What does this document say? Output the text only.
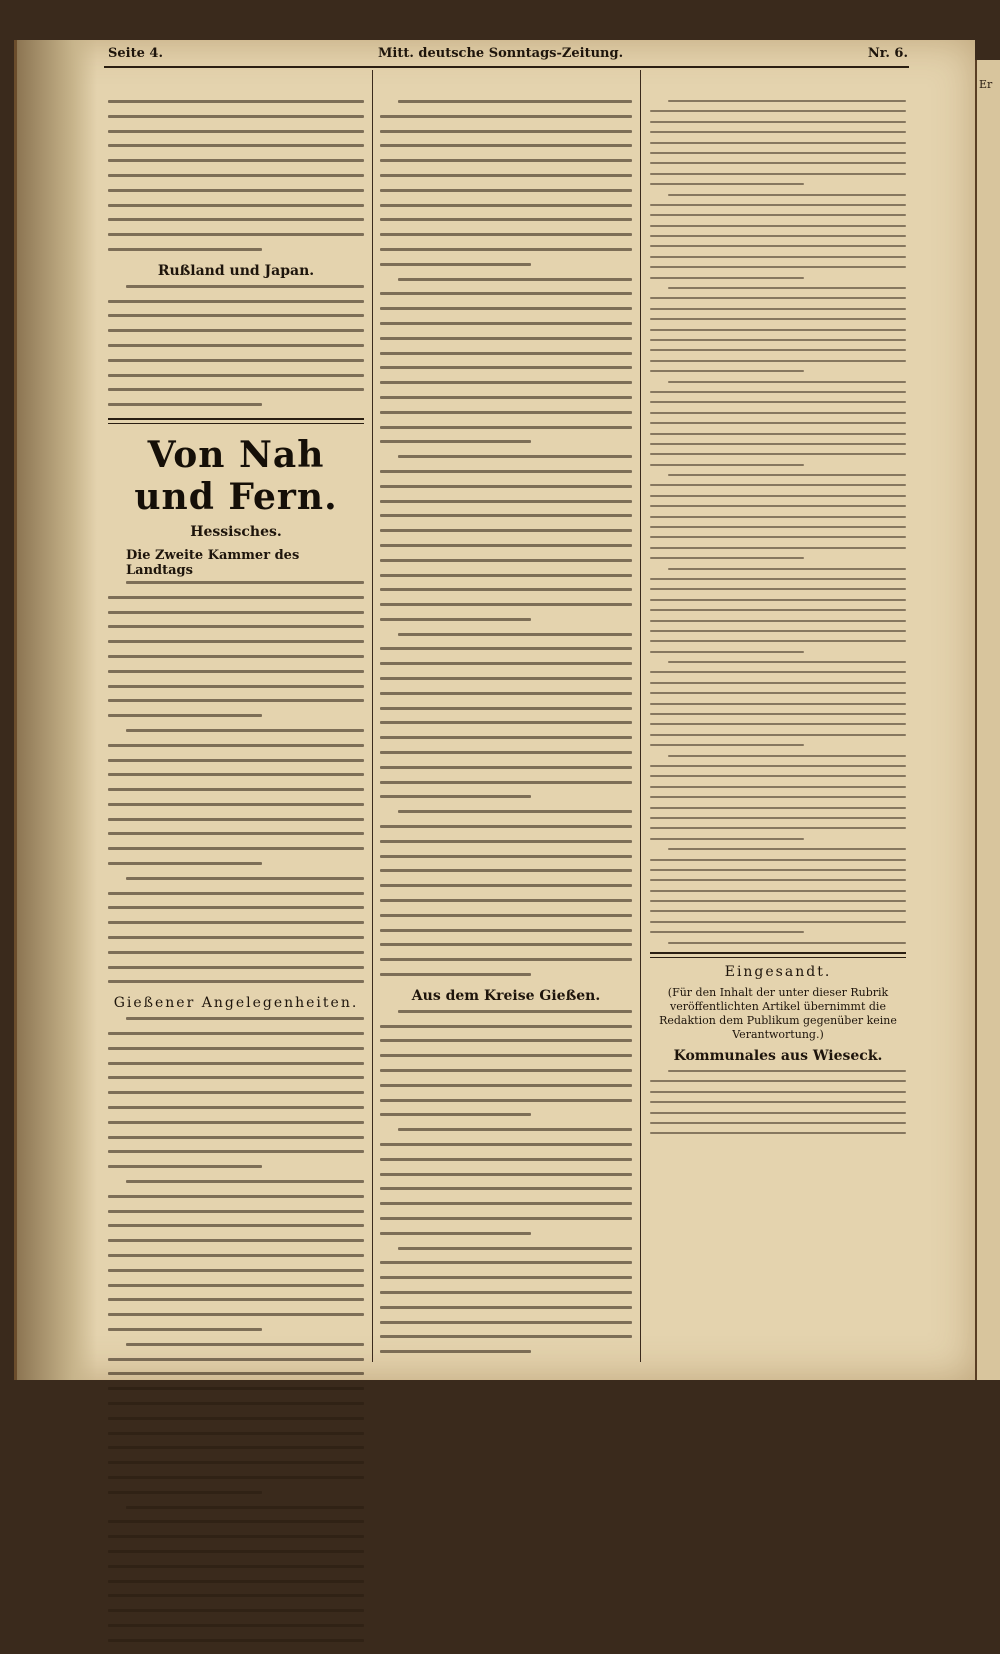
Er
Seite 4.	Mitt. deutsche Sonntags-Zeitung.	Nr. 6.
Rußland und Japan.
Von Nah und Fern.
Hessisches.
Die Zweite Kammer des Landtags
Gießener Angelegenheiten.	Aus dem Kreise Gießen.
Eingesandt.
(Für den Inhalt der unter dieser Rubrik veröffentlichten Artikel übernimmt die Redaktion dem Publikum gegenüber keine Verantwortung.)
Kommunales aus Wieseck.
